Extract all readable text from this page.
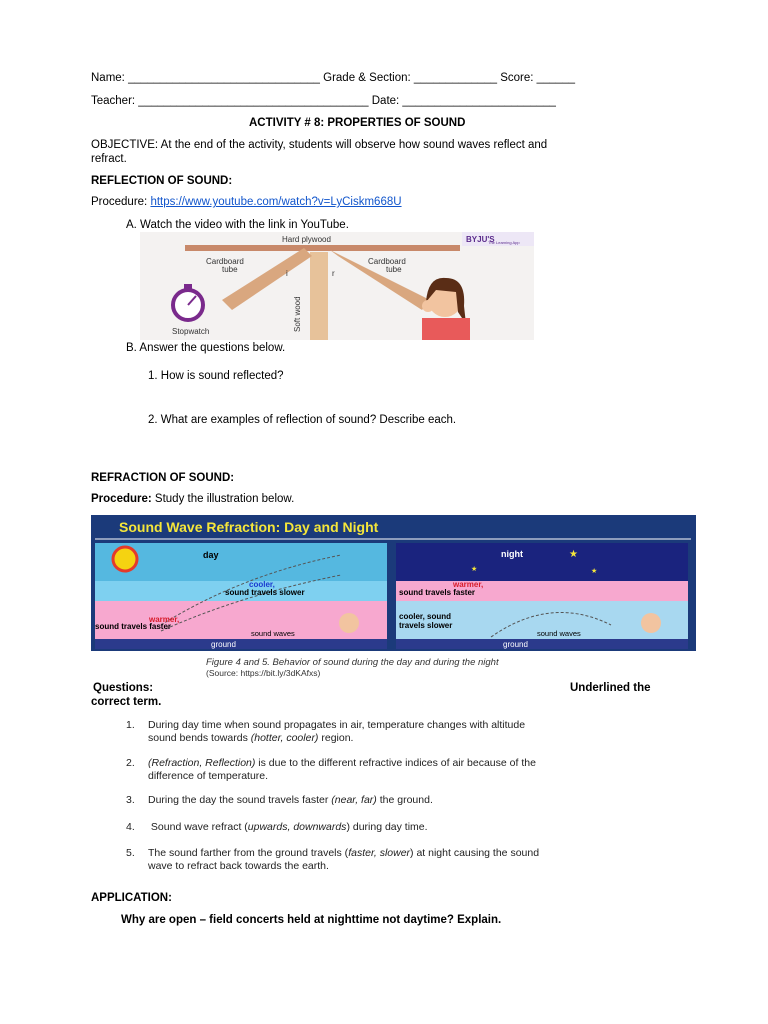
Name: ______________________________ Grade & Section: _____________ Score: ______
Teacher: ____________________________________ Date: ________________________
ACTIVITY # 8: PROPERTIES OF SOUND
OBJECTIVE: At the end of the activity, students will observe how sound waves reflect and
refract.
REFLECTION OF SOUND:
Procedure: https://www.youtube.com/watch?v=LyCiskm668U
A. Watch the video with the link in YouTube.
BYJU'S
The Learning App
Hard plywood
Cardboard
tube
Cardboard
tube
i	r
Soft wood
Stopwatch
B. Answer the questions below.
1. How is sound reflected?
2. What are examples of reflection of sound? Describe each.
REFRACTION OF SOUND:
Procedure: Study the illustration below.
Sound Wave Refraction: Day and Night
day
cooler,
sound travels slower
warmer,
sound travels faster
sound waves
ground
★
★
★
night
warmer,
sound travels faster
cooler, sound
travels slower
sound waves
ground
Figure 4 and 5. Behavior of sound during the day and during the night
(Source: https://bit.ly/3dKAfxs)
Questions:	Underlined the
correct term.
1. During day time when sound propagates in air, temperature changes with altitude
sound bends towards (hotter, cooler) region.
2. (Refraction, Reflection) is due to the different refractive indices of air because of the
difference of temperature.
3. During the day the sound travels faster (near, far) the ground.
4. Sound wave refract (upwards, downwards) during day time.
5. The sound farther from the ground travels (faster, slower) at night causing the sound
wave to refract back towards the earth.
APPLICATION:
Why are open – field concerts held at nighttime not daytime? Explain.
